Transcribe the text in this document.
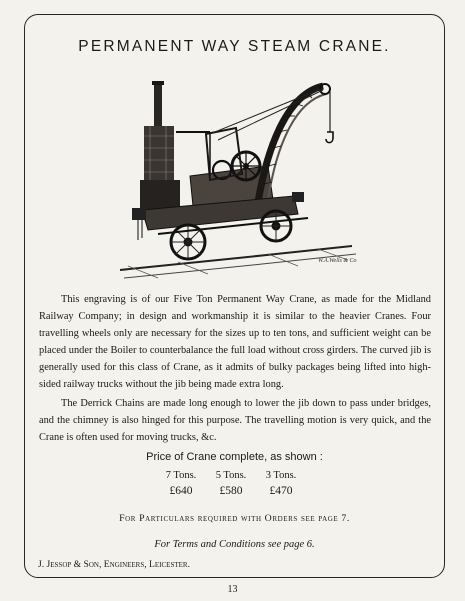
PERMANENT WAY STEAM CRANE.
W.A.Wells & Co

This engraving is of our Five Ton Permanent Way Crane, as made for the Midland Railway Company; in design and workmanship it is similar to the heavier Cranes. Four travelling wheels only are necessary for the sizes up to ten tons, and sufficient weight can be placed under the Boiler to counterbalance the full load without cross girders. The curved jib is generally used for this class of Crane, as it admits of bulky packages being lifted into high-sided railway trucks without the jib being made extra long.

The Derrick Chains are made long enough to lower the jib down to pass under bridges, and the chimney is also hinged for this purpose. The travelling motion is very quick, and the Crane is often used for moving trucks, &c.

Price of Crane complete, as shown :
7 Tons.
£640
5 Tons.
£580
3 Tons.
£470
For Particulars required with Orders see page 7.
For Terms and Conditions see page 6.
J. Jessop & Son, Engineers, Leicester.
13
